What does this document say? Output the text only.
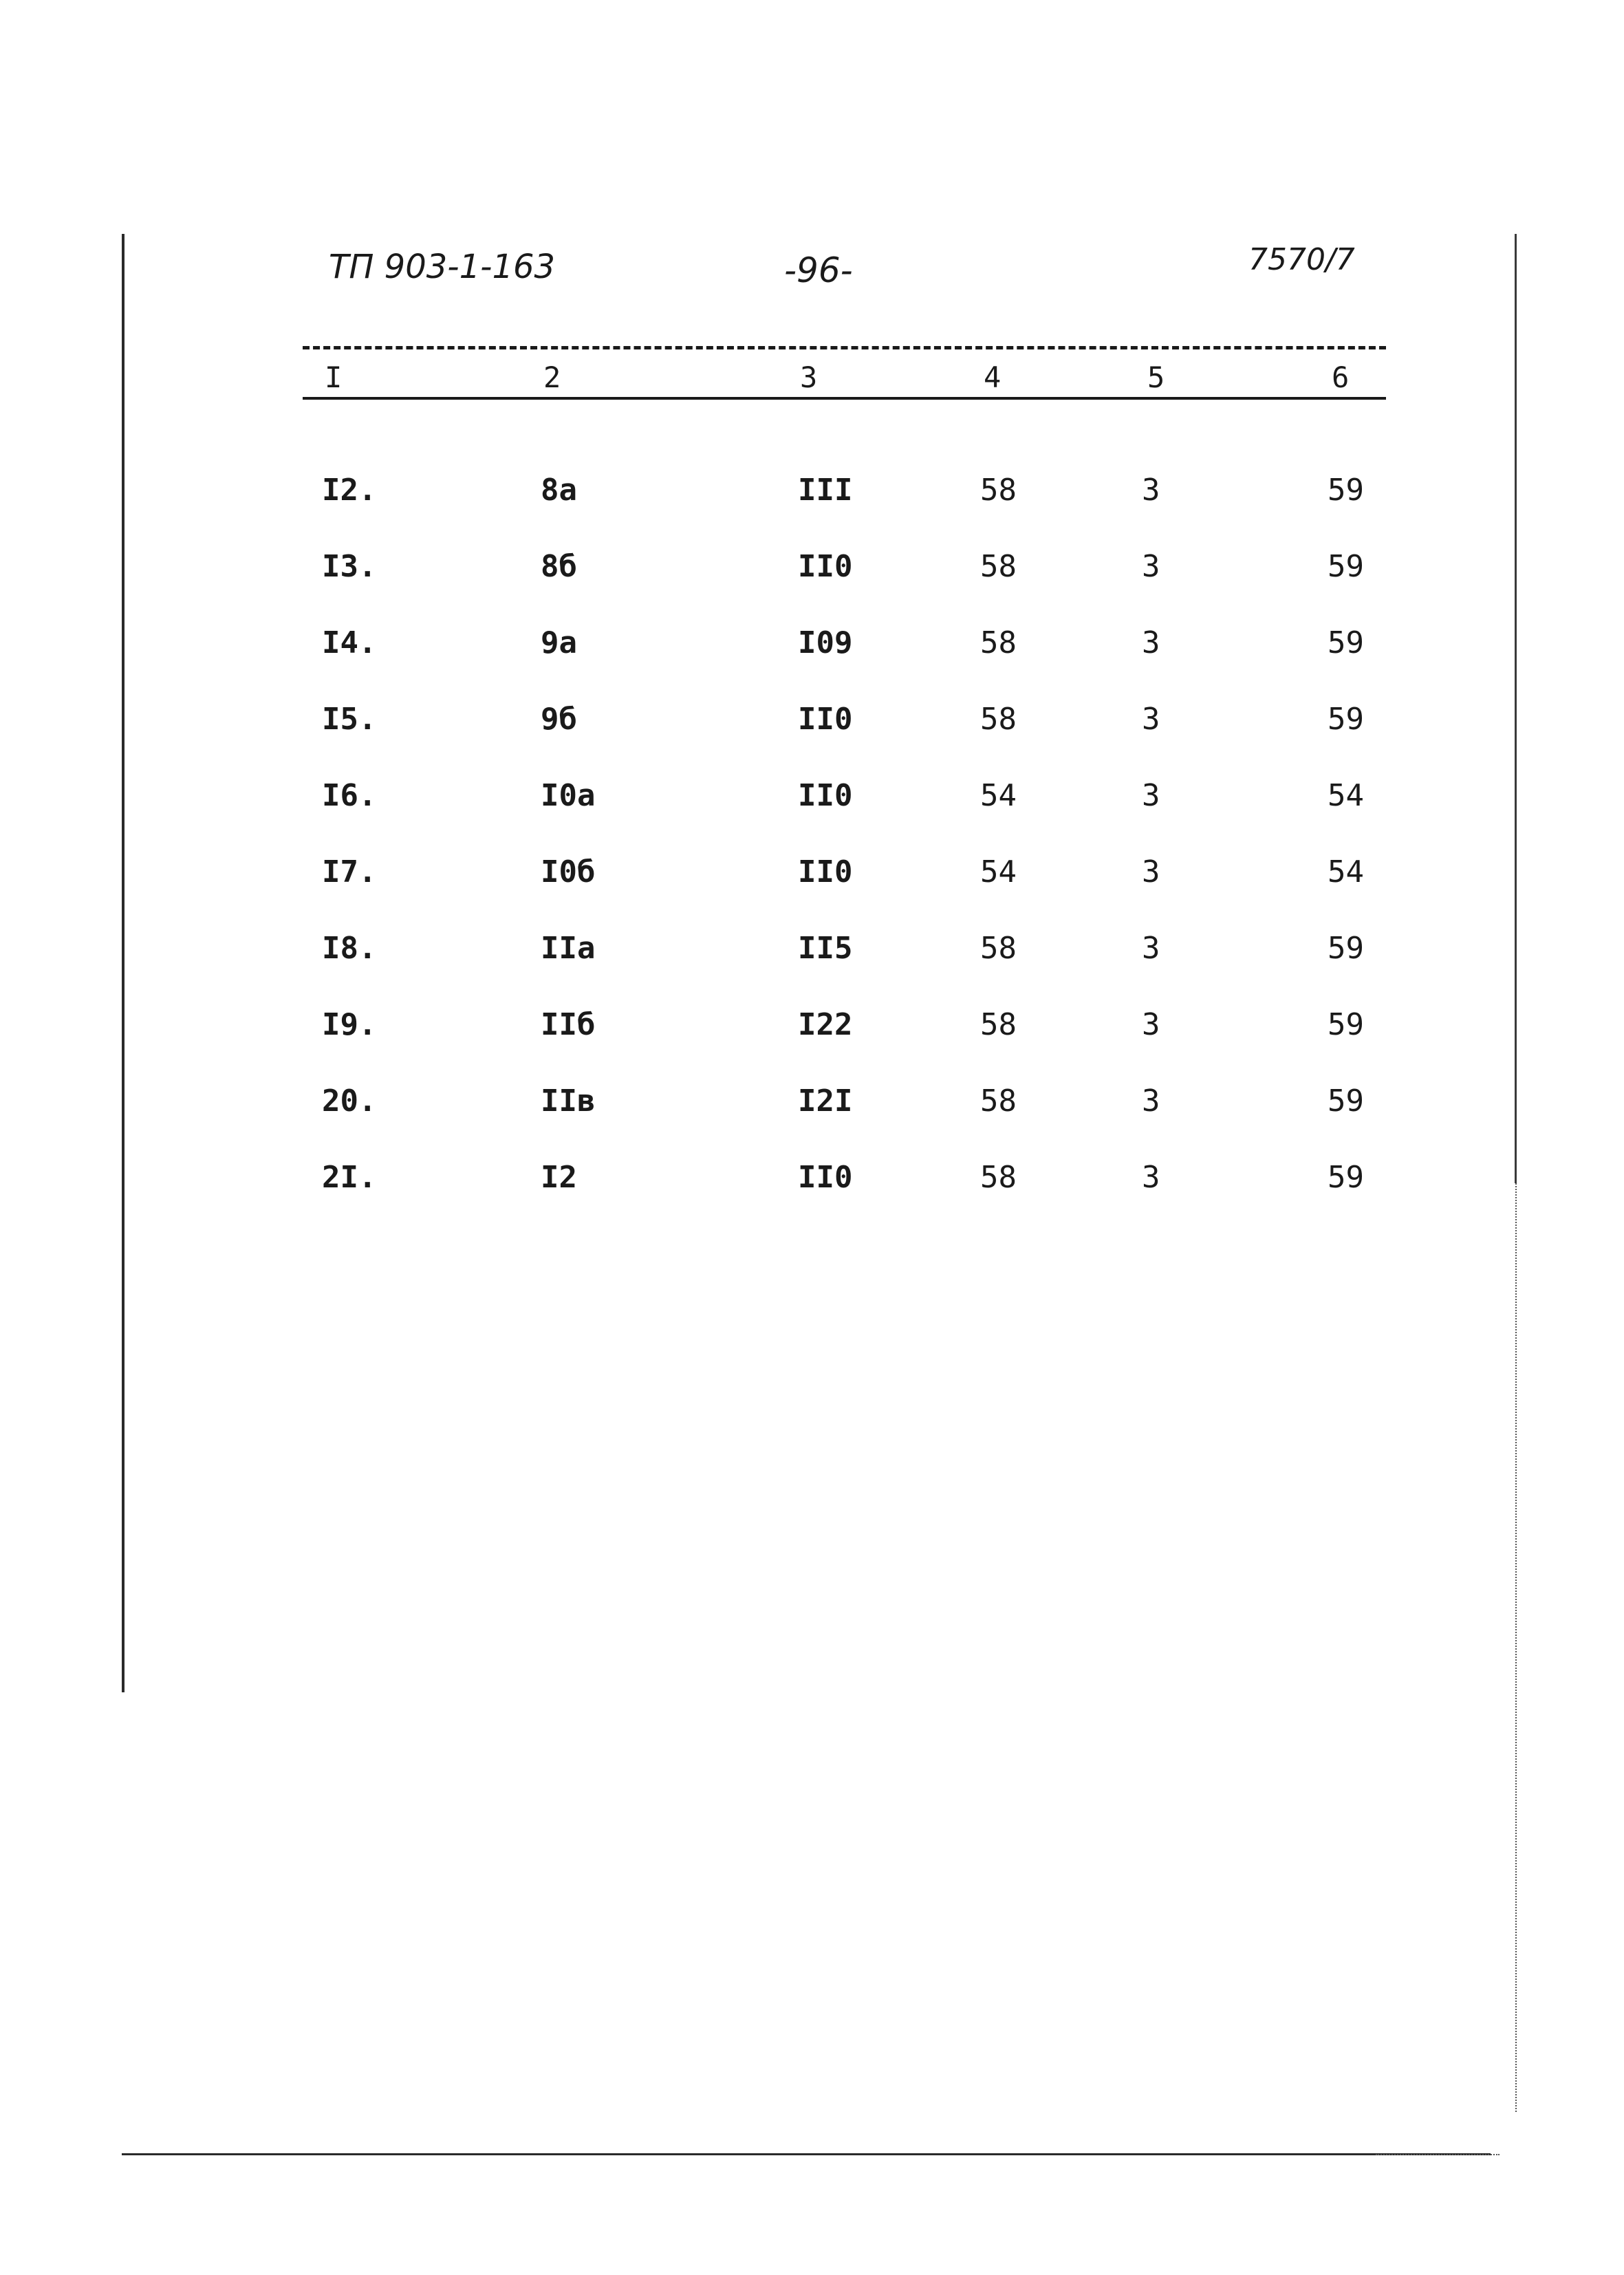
ТП 903-1-163	-96-	7570/7
I	2	3	4	5	6
I2.	8а	III	58	3	59
I3.	8б	II0	58	3	59
I4.	9а	I09	58	3	59
I5.	9б	II0	58	3	59
I6.	I0а	II0	54	3	54
I7.	I0б	II0	54	3	54
I8.	IIа	II5	58	3	59
I9.	IIб	I22	58	3	59
20.	IIв	I2I	58	3	59
2I.	I2	II0	58	3	59
